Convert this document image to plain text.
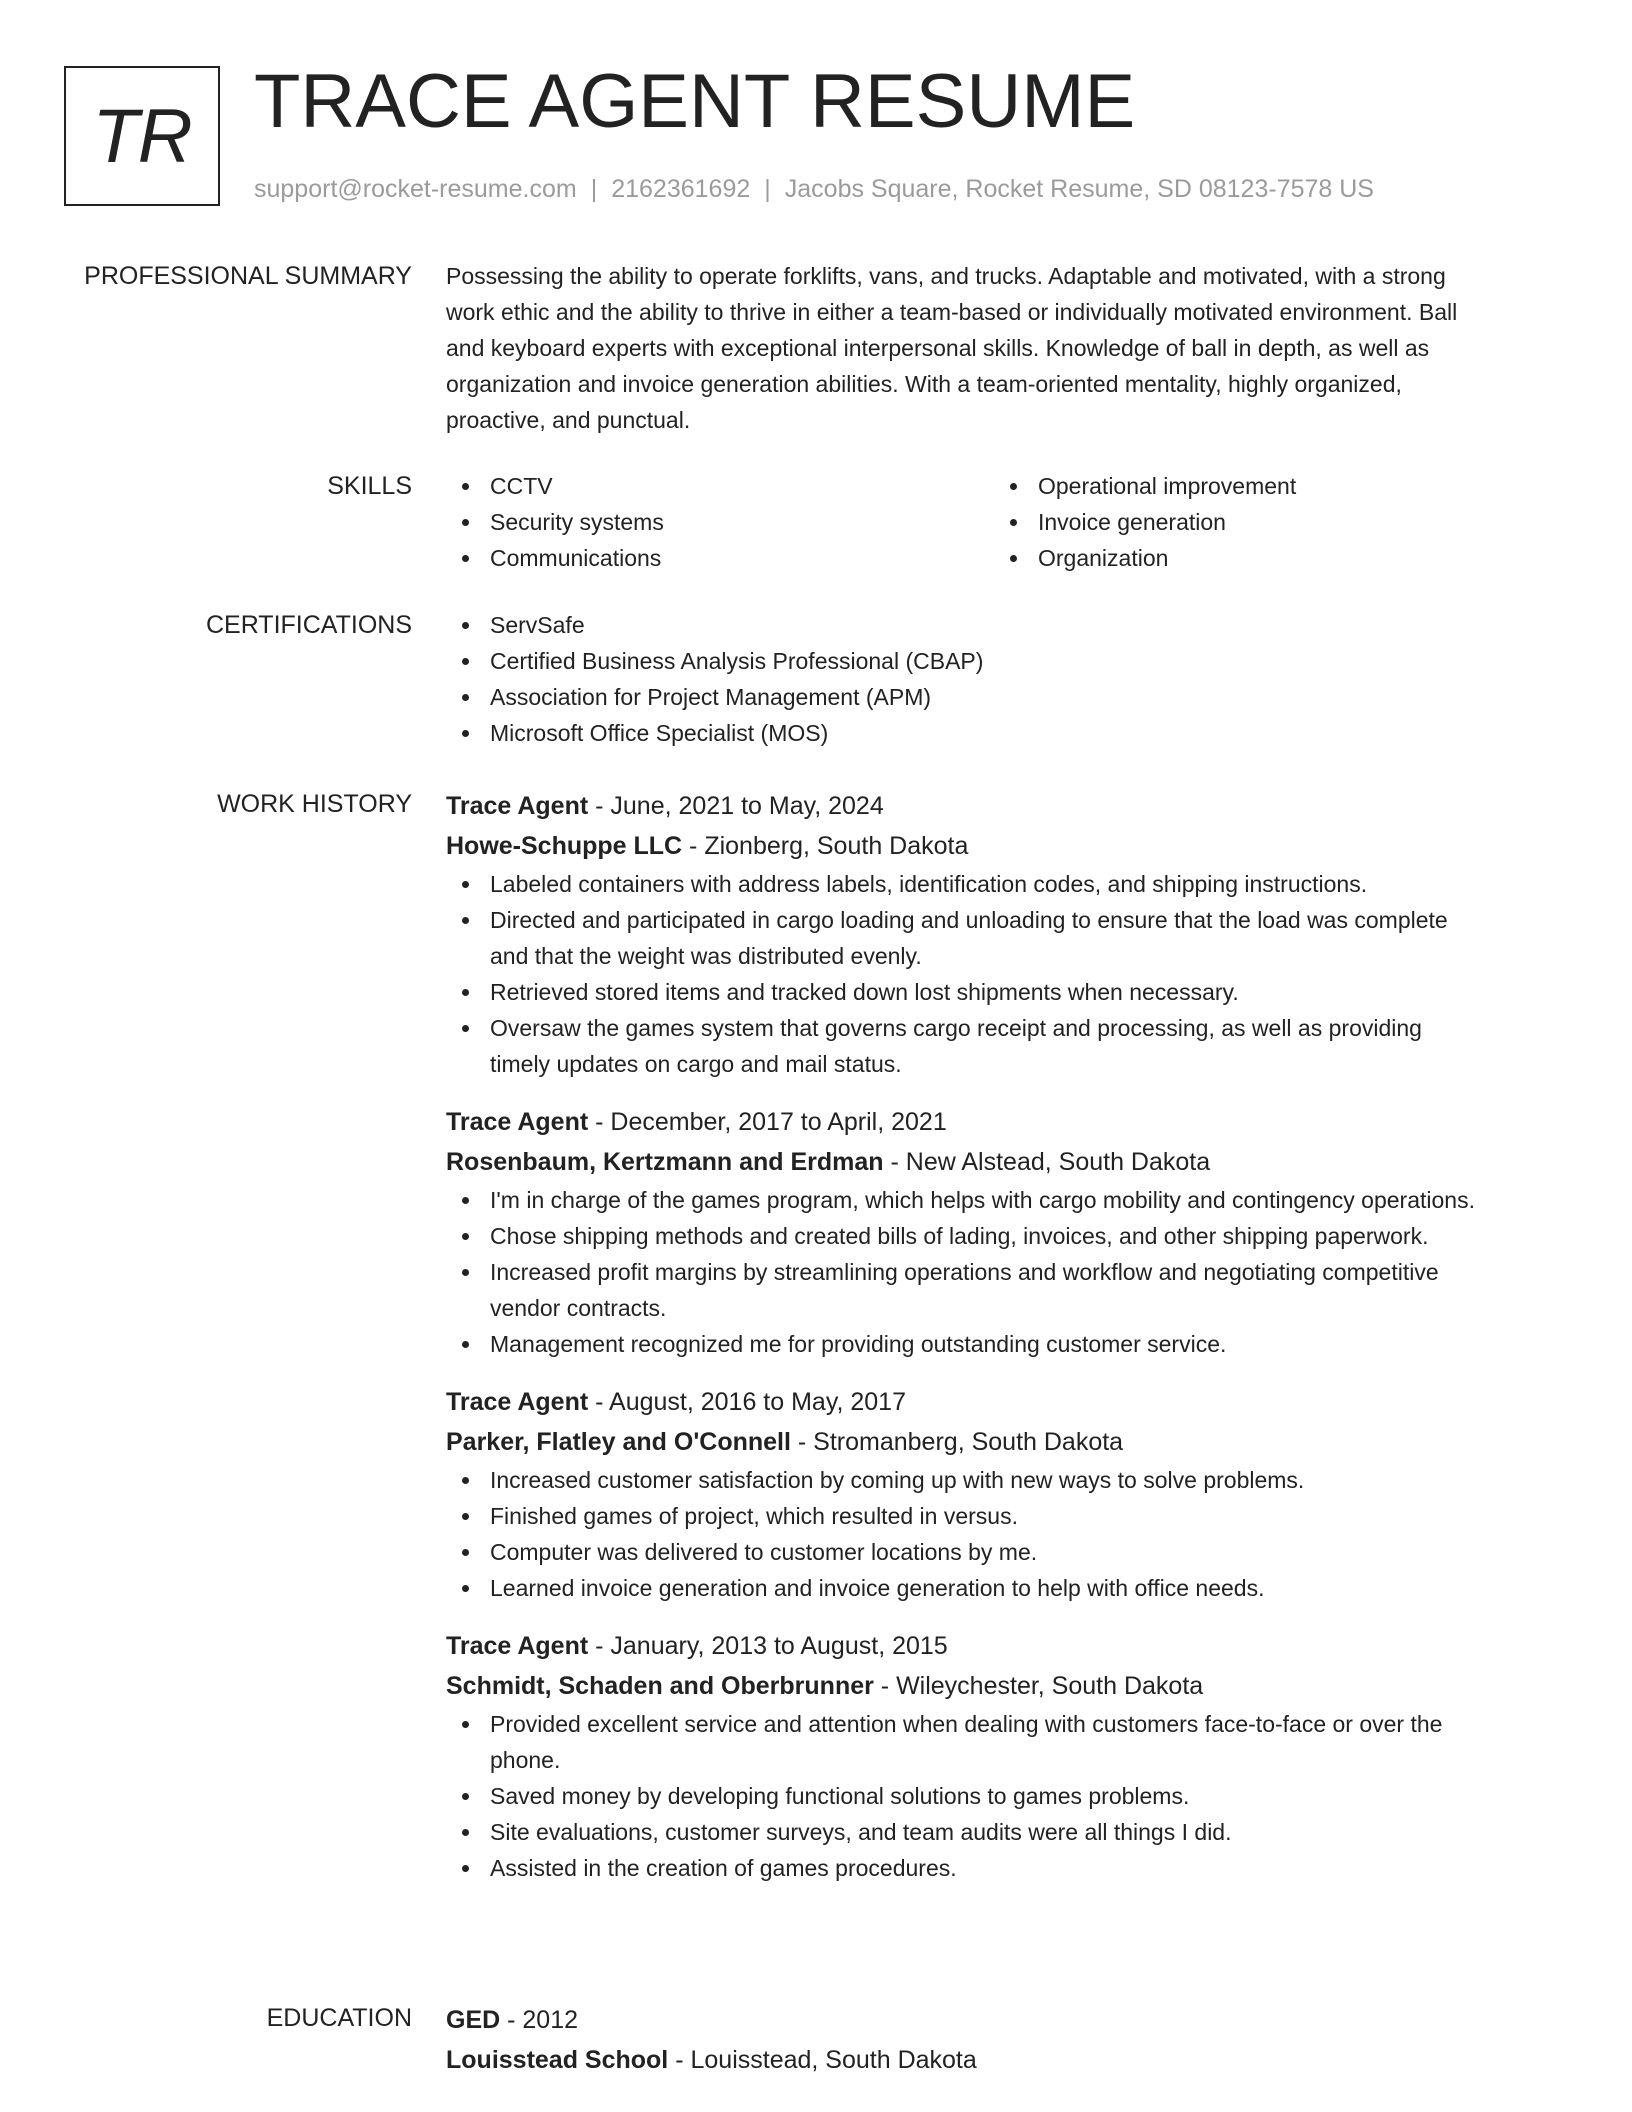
TR TRACE AGENT RESUME
support@rocket-resume.com | 2162361692 | Jacobs Square, Rocket Resume, SD 08123-7578 US
PROFESSIONAL SUMMARY Possessing the ability to operate forklifts, vans, and trucks. Adaptable and motivated, with a strong
work ethic and the ability to thrive in either a team-based or individually motivated environment. Ball
and keyboard experts with exceptional interpersonal skills. Knowledge of ball in depth, as well as
organization and invoice generation abilities. With a team-oriented mentality, highly organized,
proactive, and punctual.
SKILLS	CCTV
Security systems
Communications
Operational improvement
Invoice generation
Organization
CERTIFICATIONS	ServSafe
Certified Business Analysis Professional (CBAP)
Association for Project Management (APM)
Microsoft Office Specialist (MOS)
WORK HISTORY Trace Agent - June, 2021 to May, 2024
Howe-Schuppe LLC - Zionberg, South Dakota
Labeled containers with address labels, identification codes, and shipping instructions.
Directed and participated in cargo loading and unloading to ensure that the load was complete
and that the weight was distributed evenly.
Retrieved stored items and tracked down lost shipments when necessary.
Oversaw the games system that governs cargo receipt and processing, as well as providing
timely updates on cargo and mail status.
Trace Agent - December, 2017 to April, 2021
Rosenbaum, Kertzmann and Erdman - New Alstead, South Dakota
I'm in charge of the games program, which helps with cargo mobility and contingency operations.
Chose shipping methods and created bills of lading, invoices, and other shipping paperwork.
Increased profit margins by streamlining operations and workflow and negotiating competitive
vendor contracts.
Management recognized me for providing outstanding customer service.
Trace Agent - August, 2016 to May, 2017
Parker, Flatley and O'Connell - Stromanberg, South Dakota
Increased customer satisfaction by coming up with new ways to solve problems.
Finished games of project, which resulted in versus.
Computer was delivered to customer locations by me.
Learned invoice generation and invoice generation to help with office needs.
Trace Agent - January, 2013 to August, 2015
Schmidt, Schaden and Oberbrunner - Wileychester, South Dakota
Provided excellent service and attention when dealing with customers face-to-face or over the
phone.
Saved money by developing functional solutions to games problems.
Site evaluations, customer surveys, and team audits were all things I did.
Assisted in the creation of games procedures.
EDUCATION GED - 2012
Louisstead School - Louisstead, South Dakota
